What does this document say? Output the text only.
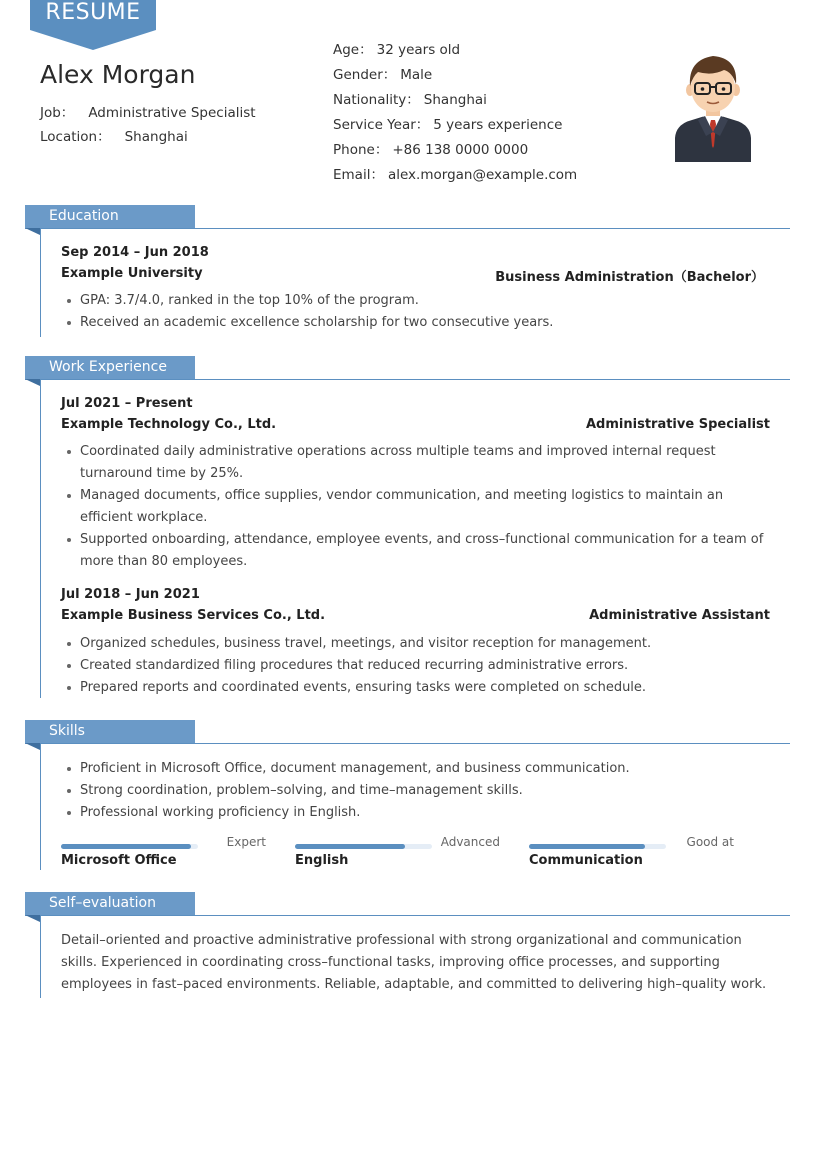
RESUME
Alex Morgan
Job： Administrative Specialist
Location： Shanghai
Age： 32 years old
Gender： Male
Nationality： Shanghai
Service Year： 5 years experience
Phone： +86 138 0000 0000
Email： alex.morgan@example.com
Education
Sep 2014 – Jun 2018
Example University	Business Administration（Bachelor）
GPA: 3.7/4.0, ranked in the top 10% of the program.
Received an academic excellence scholarship for two consecutive years.
Work Experience
Jul 2021 – Present
Example Technology Co., Ltd.	Administrative Specialist
Coordinated daily administrative operations across multiple teams and improved internal request turnaround time by 25%.
Managed documents, office supplies, vendor communication, and meeting logistics to maintain an efficient workplace.
Supported onboarding, attendance, employee events, and cross–functional communication for a team of more than 80 employees.
Jul 2018 – Jun 2021
Example Business Services Co., Ltd.	Administrative Assistant
Organized schedules, business travel, meetings, and visitor reception for management.
Created standardized filing procedures that reduced recurring administrative errors.
Prepared reports and coordinated events, ensuring tasks were completed on schedule.
Skills
Proficient in Microsoft Office, document management, and business communication.
Strong coordination, problem–solving, and time–management skills.
Professional working proficiency in English.
Expert
Microsoft Office
Advanced
English
Good at
Communication
Self–evaluation
Detail–oriented and proactive administrative professional with strong organizational and communication skills. Experienced in coordinating cross–functional tasks, improving office processes, and supporting employees in fast–paced environments. Reliable, adaptable, and committed to delivering high–quality work.
